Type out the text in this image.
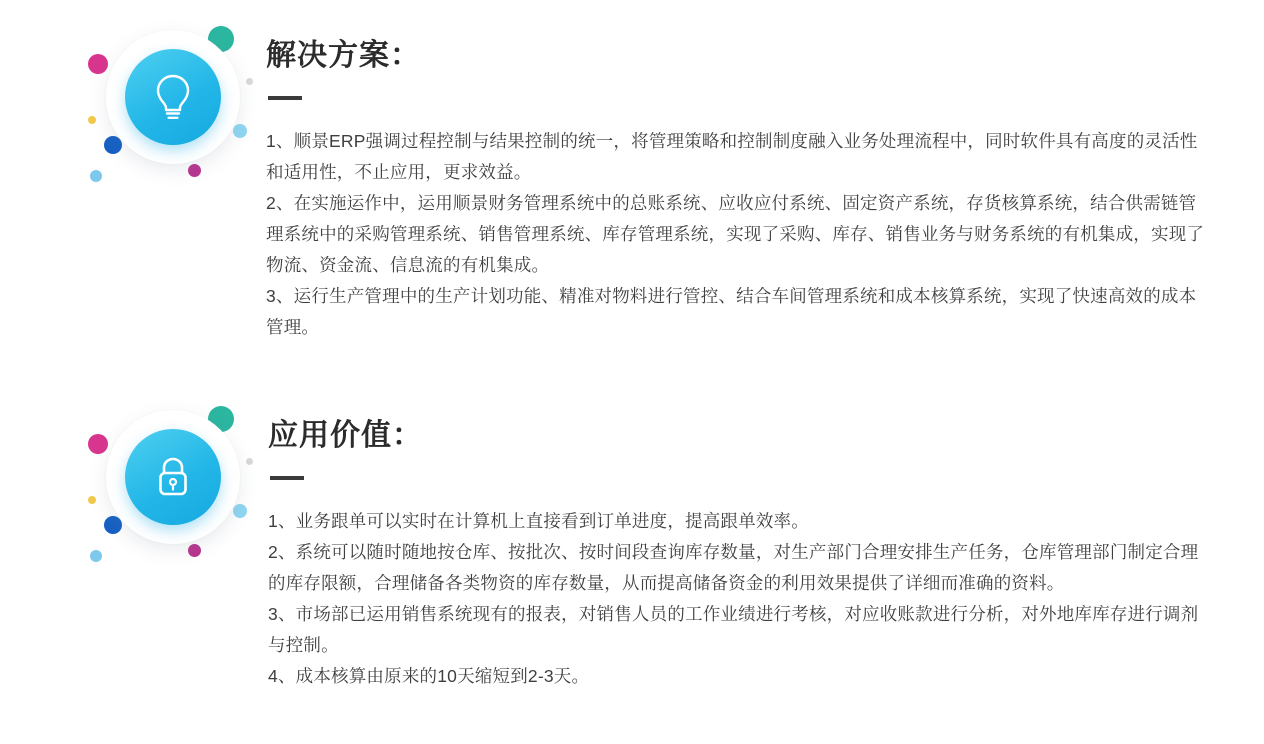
解决方案：

1、顺景ERP强调过程控制与结果控制的统一，将管理策略和控制制度融入业务处理流程中，同时软件具有高度的灵活性和适用性，不止应用，更求效益。

2、在实施运作中，运用顺景财务管理系统中的总账系统、应收应付系统、固定资产系统，存货核算系统，结合供需链管理系统中的采购管理系统、销售管理系统、库存管理系统，实现了采购、库存、销售业务与财务系统的有机集成，实现了物流、资金流、信息流的有机集成。

3、运行生产管理中的生产计划功能、精准对物料进行管控、结合车间管理系统和成本核算系统，实现了快速高效的成本管理。

应用价值：

1、业务跟单可以实时在计算机上直接看到订单进度，提高跟单效率。

2、系统可以随时随地按仓库、按批次、按时间段查询库存数量，对生产部门合理安排生产任务，仓库管理部门制定合理的库存限额，合理储备各类物资的库存数量，从而提高储备资金的利用效果提供了详细而准确的资料。

3、市场部已运用销售系统现有的报表，对销售人员的工作业绩进行考核，对应收账款进行分析，对外地库库存进行调剂与控制。

4、成本核算由原来的10天缩短到2-3天。
